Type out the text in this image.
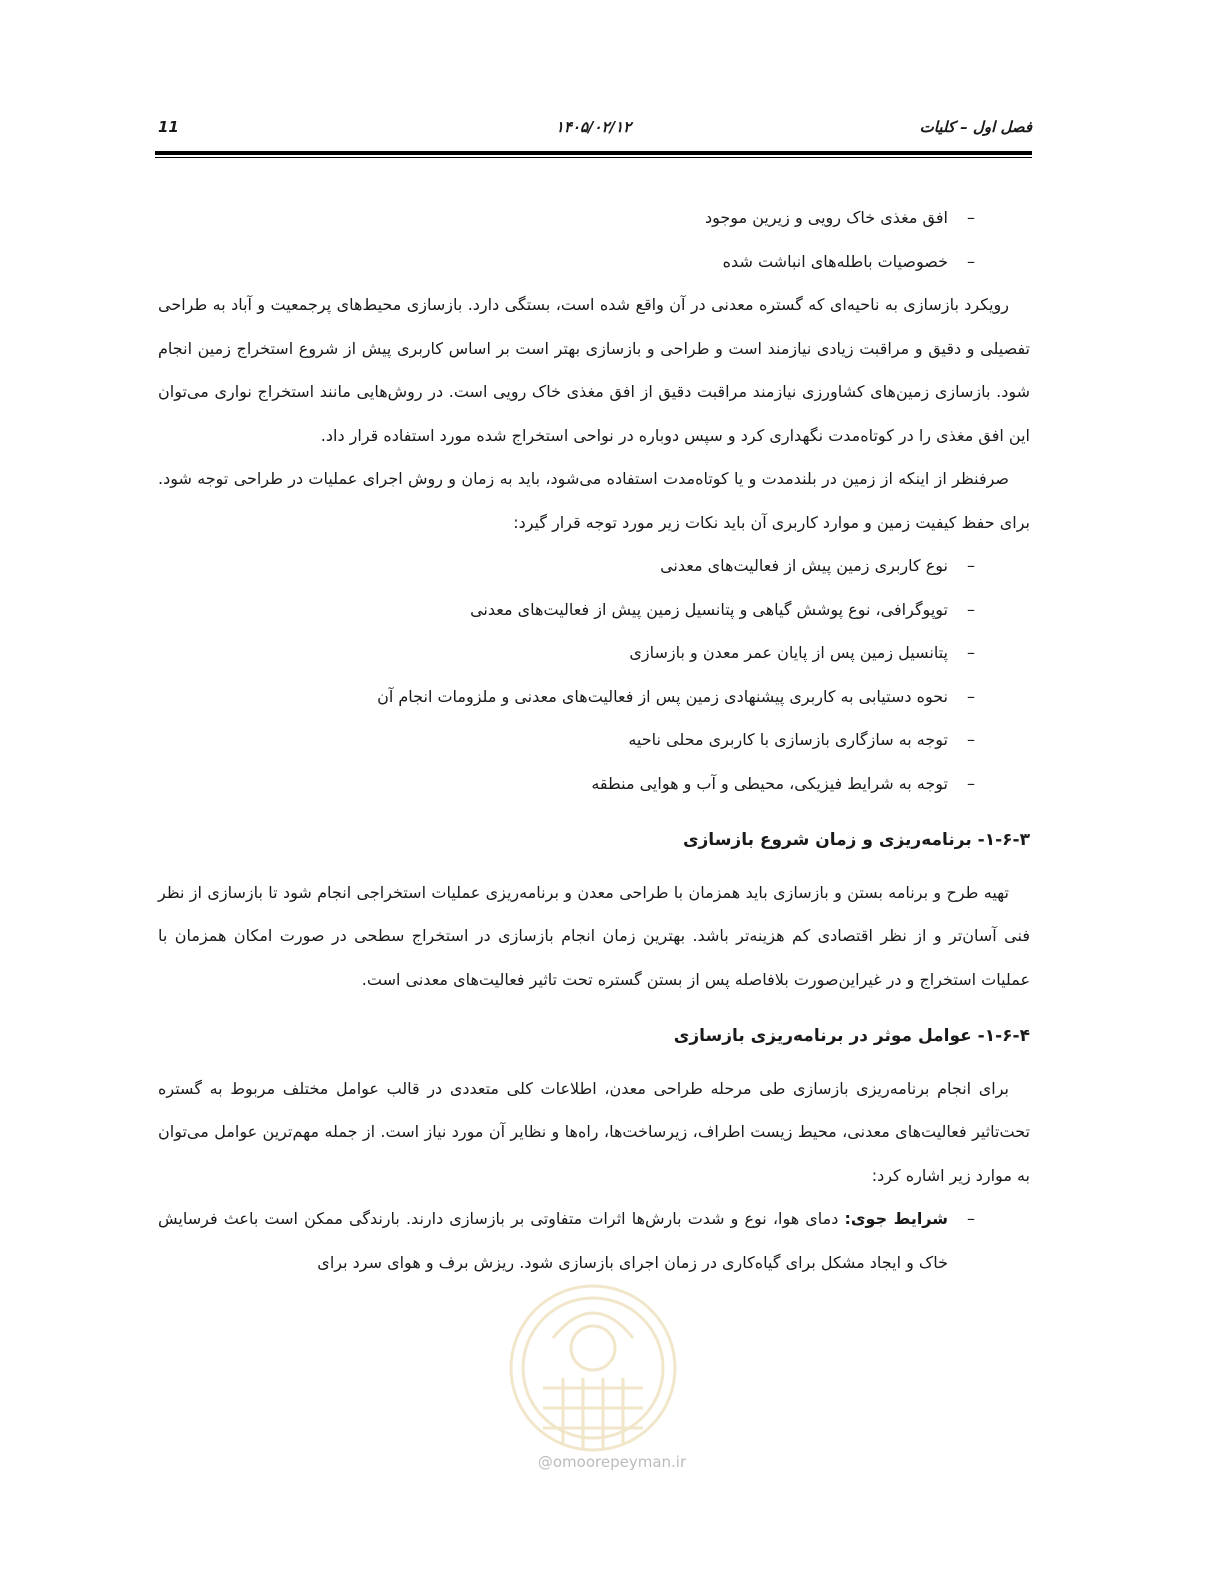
فصل اول – کلیات
۱۴۰۵/۰۲/۱۲
11
–
افق مغذی خاک رویی و زیرین موجود
–
خصوصیات باطله‌های انباشت شده

رویکرد بازسازی به ناحیه‌ای که گستره معدنی در آن واقع شده است، بستگی دارد. بازسازی محیط‌های پرجمعیت و آباد به طراحی تفصیلی و دقیق و مراقبت زیادی نیازمند است و طراحی و بازسازی بهتر است بر اساس کاربری پیش از شروع استخراج زمین انجام شود. بازسازی زمین‌های کشاورزی نیازمند مراقبت دقیق از افق مغذی خاک رویی است. در روش‌هایی مانند استخراج نواری می‌توان این افق مغذی را در کوتاه‌مدت نگهداری کرد و سپس دوباره در نواحی استخراج شده مورد استفاده قرار داد.

صرفنظر از اینکه از زمین در بلندمدت و یا کوتاه‌مدت استفاده می‌شود، باید به زمان و روش اجرای عملیات در طراحی توجه شود. برای حفظ کیفیت زمین و موارد کاربری آن باید نکات زیر مورد توجه قرار گیرد:

–
نوع کاربری زمین پیش از فعالیت‌های معدنی
–
توپوگرافی، نوع پوشش گیاهی و پتانسیل زمین پیش از فعالیت‌های معدنی
–
پتانسیل زمین پس از پایان عمر معدن و بازسازی
–
نحوه دستیابی به کاربری پیشنهادی زمین پس از فعالیت‌های معدنی و ملزومات انجام آن
–
توجه به سازگاری بازسازی با کاربری محلی ناحیه
–
توجه به شرایط فیزیکی، محیطی و آب و هوایی منطقه
۱-۶-۳- برنامه‌ریزی و زمان شروع بازسازی

تهیه طرح و برنامه بستن و بازسازی باید همزمان با طراحی معدن و برنامه‌ریزی عملیات استخراجی انجام شود تا بازسازی از نظر فنی آسان‌تر و از نظر اقتصادی کم هزینه‌تر باشد. بهترین زمان انجام بازسازی در استخراج سطحی در صورت امکان همزمان با عملیات استخراج و در غیراین‌صورت بلافاصله پس از بستن گستره تحت تاثیر فعالیت‌های معدنی است.

۱-۶-۴- عوامل موثر در برنامه‌ریزی بازسازی

برای انجام برنامه‌ریزی بازسازی طی مرحله طراحی معدن، اطلاعات کلی متعددی در قالب عوامل مختلف مربوط به گستره تحت‌تاثیر فعالیت‌های معدنی، محیط زیست اطراف، زیرساخت‌ها، راه‌ها و نظایر آن مورد نیاز است. از جمله مهم‌ترین عوامل می‌توان به موارد زیر اشاره کرد:

–
شرایط جوی: دمای هوا، نوع و شدت بارش‌ها اثرات متفاوتی بر بازسازی دارند. بارندگی ممکن است باعث فرسایش خاک و ایجاد مشکل برای گیاه‌کاری در زمان اجرای بازسازی شود. ریزش برف و هوای سرد برای
@omoorepeyman.ir
